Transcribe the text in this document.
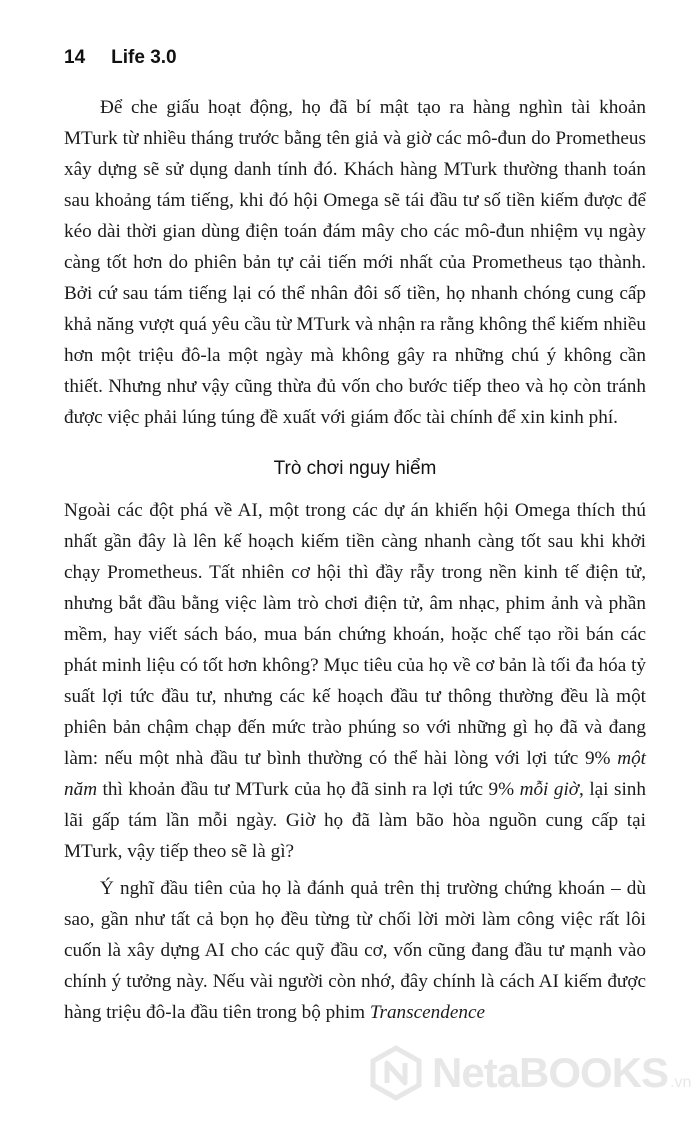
14 Life 3.0

Để che giấu hoạt động, họ đã bí mật tạo ra hàng nghìn tài khoản MTurk từ nhiều tháng trước bằng tên giả và giờ các mô-đun do Prometheus xây dựng sẽ sử dụng danh tính đó. Khách hàng MTurk thường thanh toán sau khoảng tám tiếng, khi đó hội Omega sẽ tái đầu tư số tiền kiếm được để kéo dài thời gian dùng điện toán đám mây cho các mô-đun nhiệm vụ ngày càng tốt hơn do phiên bản tự cải tiến mới nhất của Prometheus tạo thành. Bởi cứ sau tám tiếng lại có thể nhân đôi số tiền, họ nhanh chóng cung cấp khả năng vượt quá yêu cầu từ MTurk và nhận ra rằng không thể kiếm nhiều hơn một triệu đô-la một ngày mà không gây ra những chú ý không cần thiết. Nhưng như vậy cũng thừa đủ vốn cho bước tiếp theo và họ còn tránh được việc phải lúng túng đề xuất với giám đốc tài chính để xin kinh phí.

Trò chơi nguy hiểm

Ngoài các đột phá về AI, một trong các dự án khiến hội Omega thích thú nhất gần đây là lên kế hoạch kiếm tiền càng nhanh càng tốt sau khi khởi chạy Prometheus. Tất nhiên cơ hội thì đầy rẫy trong nền kinh tế điện tử, nhưng bắt đầu bằng việc làm trò chơi điện tử, âm nhạc, phim ảnh và phần mềm, hay viết sách báo, mua bán chứng khoán, hoặc chế tạo rồi bán các phát minh liệu có tốt hơn không? Mục tiêu của họ về cơ bản là tối đa hóa tỷ suất lợi tức đầu tư, nhưng các kế hoạch đầu tư thông thường đều là một phiên bản chậm chạp đến mức trào phúng so với những gì họ đã và đang làm: nếu một nhà đầu tư bình thường có thể hài lòng với lợi tức 9% một năm thì khoản đầu tư MTurk của họ đã sinh ra lợi tức 9% mỗi giờ, lại sinh lãi gấp tám lần mỗi ngày. Giờ họ đã làm bão hòa nguồn cung cấp tại MTurk, vậy tiếp theo sẽ là gì?

Ý nghĩ đầu tiên của họ là đánh quả trên thị trường chứng khoán – dù sao, gần như tất cả bọn họ đều từng từ chối lời mời làm công việc rất lôi cuốn là xây dựng AI cho các quỹ đầu cơ, vốn cũng đang đầu tư mạnh vào chính ý tưởng này. Nếu vài người còn nhớ, đây chính là cách AI kiếm được hàng triệu đô-la đầu tiên trong bộ phim Transcendence

NetaBOOKS .vn
